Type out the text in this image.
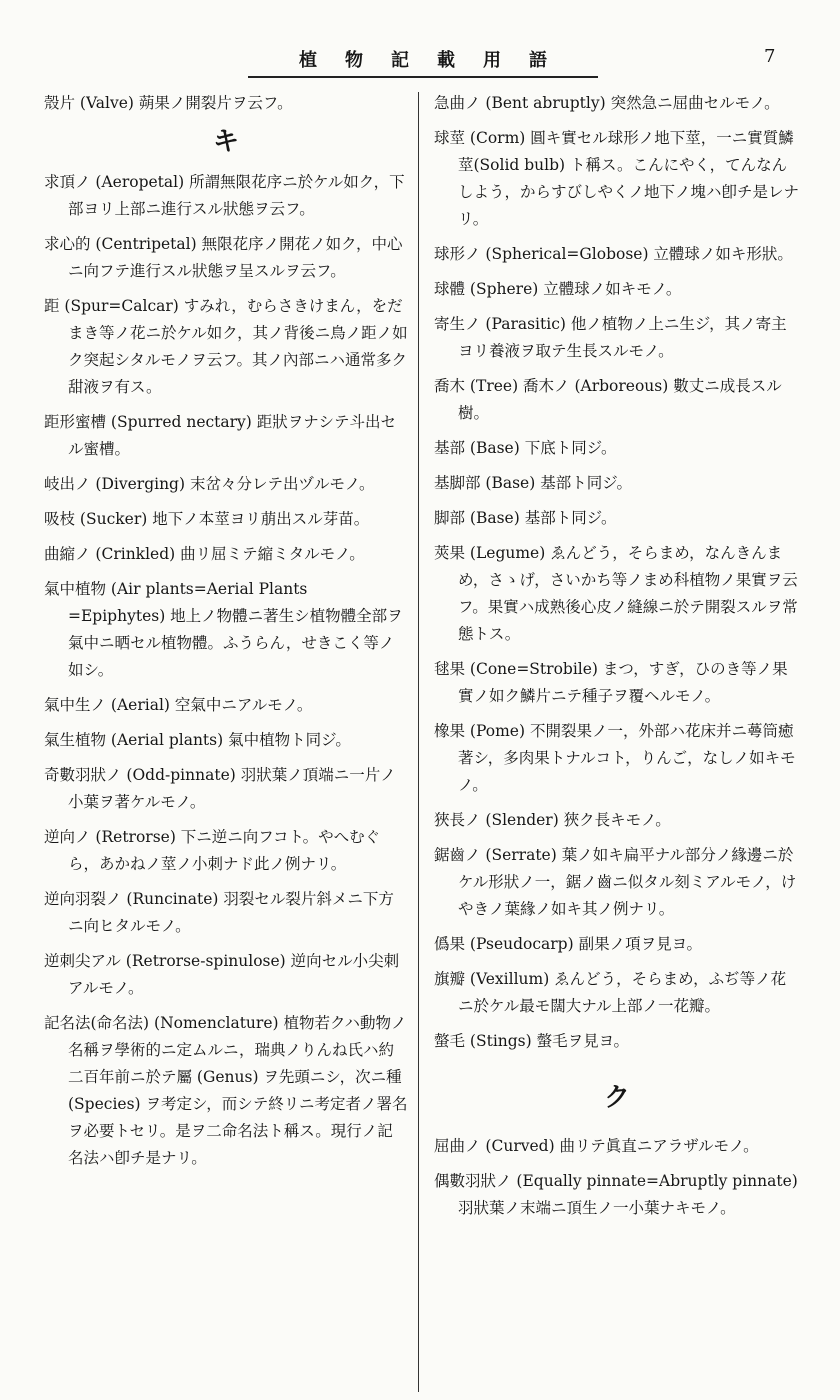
植物記載用語	7
殼片 (Valve) 蒴果ノ開裂片ヲ云フ。
キ
求頂ノ (Aeropetal) 所謂無限花序ニ於ケル如ク，下部ヨリ上部ニ進行スル狀態ヲ云フ。
求心的 (Centripetal) 無限花序ノ開花ノ如ク，中心ニ向フテ進行スル狀態ヲ呈スルヲ云フ。
距 (Spur=Calcar) すみれ，むらさきけまん，をだまき等ノ花ニ於ケル如ク，其ノ背後ニ鳥ノ距ノ如ク突起シタルモノヲ云フ。其ノ內部ニハ通常多ク甜液ヲ有ス。
距形蜜槽 (Spurred nectary) 距狀ヲナシテ斗出セル蜜槽。
岐出ノ (Diverging) 末岔々分レテ出ヅルモノ。
吸枝 (Sucker) 地下ノ本莖ヨリ萠出スル芽苗。
曲縮ノ (Crinkled) 曲リ屈ミテ縮ミタルモノ。
氣中植物 (Air plants=Aerial Plants =Epiphytes) 地上ノ物體ニ著生シ植物體全部ヲ氣中ニ晒セル植物體。ふうらん，せきこく等ノ如シ。
氣中生ノ (Aerial) 空氣中ニアルモノ。
氣生植物 (Aerial plants) 氣中植物ト同ジ。
奇數羽狀ノ (Odd-pinnate) 羽狀葉ノ頂端ニ一片ノ小葉ヲ著ケルモノ。
逆向ノ (Retrorse) 下ニ逆ニ向フコト。やへむぐら，あかねノ莖ノ小刺ナド此ノ例ナリ。
逆向羽裂ノ (Runcinate) 羽裂セル裂片斜メニ下方ニ向ヒタルモノ。
逆刺尖アル (Retrorse-spinulose) 逆向セル小尖刺アルモノ。
記名法(命名法) (Nomenclature) 植物若クハ動物ノ名稱ヲ學術的ニ定ムルニ，瑞典ノりんね氏ハ約二百年前ニ於テ屬 (Genus) ヲ先頭ニシ，次ニ種 (Species) ヲ考定シ，而シテ終リニ考定者ノ署名ヲ必要トセリ。是ヲ二命名法ト稱ス。現行ノ記名法ハ卽チ是ナリ。
急曲ノ (Bent abruptly) 突然急ニ屈曲セルモノ。
球莖 (Corm) 圓キ實セル球形ノ地下莖，一ニ實質鱗莖(Solid bulb) ト稱ス。こんにやく，てんなんしよう，からすびしやくノ地下ノ塊ハ卽チ是レナリ。
球形ノ (Spherical=Globose) 立體球ノ如キ形狀。
球體 (Sphere) 立體球ノ如キモノ。
寄生ノ (Parasitic) 他ノ植物ノ上ニ生ジ，其ノ寄主ヨリ養液ヲ取テ生長スルモノ。
喬木 (Tree) 喬木ノ (Arboreous) 數丈ニ成長スル樹。
基部 (Base) 下底ト同ジ。
基脚部 (Base) 基部ト同ジ。
脚部 (Base) 基部ト同ジ。
莢果 (Legume) ゑんどう，そらまめ，なんきんまめ，さゝげ，さいかち等ノまめ科植物ノ果實ヲ云フ。果實ハ成熟後心皮ノ縫線ニ於テ開裂スルヲ常態トス。
毬果 (Cone=Strobile) まつ，すぎ，ひのき等ノ果實ノ如ク鱗片ニテ種子ヲ覆ヘルモノ。
橡果 (Pome) 不開裂果ノ一，外部ハ花床并ニ蕚筒癒著シ，多肉果トナルコト，りんご，なしノ如キモノ。
狹長ノ (Slender) 狹ク長キモノ。
鋸齒ノ (Serrate) 葉ノ如キ扁平ナル部分ノ緣邊ニ於ケル形狀ノ一，鋸ノ齒ニ似タル刻ミアルモノ，けやきノ葉緣ノ如キ其ノ例ナリ。
僞果 (Pseudocarp) 副果ノ項ヲ見ヨ。
旗瓣 (Vexillum) ゑんどう，そらまめ，ふぢ等ノ花ニ於ケル最モ闊大ナル上部ノ一花瓣。
螫毛 (Stings) 螫毛ヲ見ヨ。
ク
屈曲ノ (Curved) 曲リテ眞直ニアラザルモノ。
偶數羽狀ノ (Equally pinnate=Abruptly pinnate) 羽狀葉ノ末端ニ頂生ノ一小葉ナキモノ。
